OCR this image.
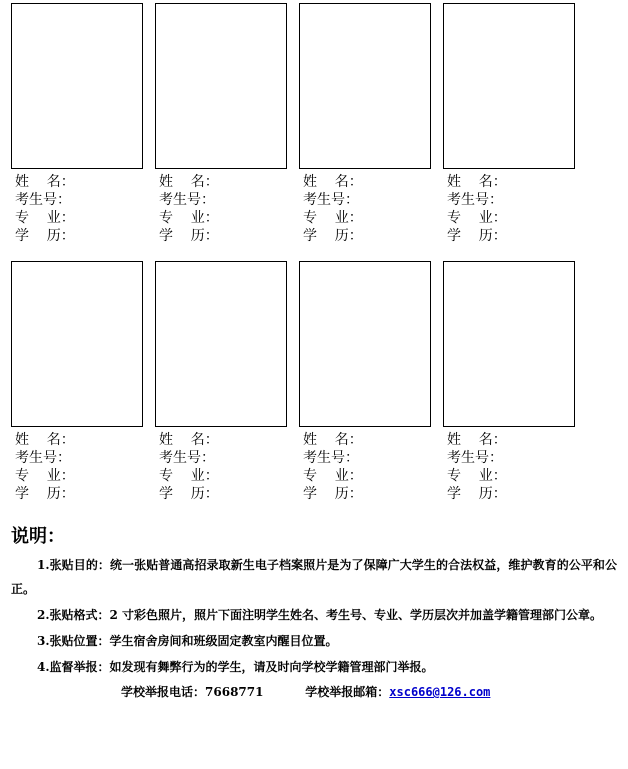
姓    名：
考生号：
专    业：
学    历：
姓    名：
考生号：
专    业：
学    历：
姓    名：
考生号：
专    业：
学    历：
姓    名：
考生号：
专    业：
学    历：
姓    名：
考生号：
专    业：
学    历：
姓    名：
考生号：
专    业：
学    历：
姓    名：
考生号：
专    业：
学    历：
姓    名：
考生号：
专    业：
学    历：
说明：

1.张贴目的：统一张贴普通高招录取新生电子档案照片是为了保障广大学生的合法权益，维护教育的公平和公正。

2.张贴格式：2 寸彩色照片，照片下面注明学生姓名、考生号、专业、学历层次并加盖学籍管理部门公章。

3.张贴位置：学生宿舍房间和班级固定教室内醒目位置。

4.监督举报：如发现有舞弊行为的学生，请及时向学校学籍管理部门举报。

学校举报电话：7668771	学校举报邮箱：xsc666@126.com
